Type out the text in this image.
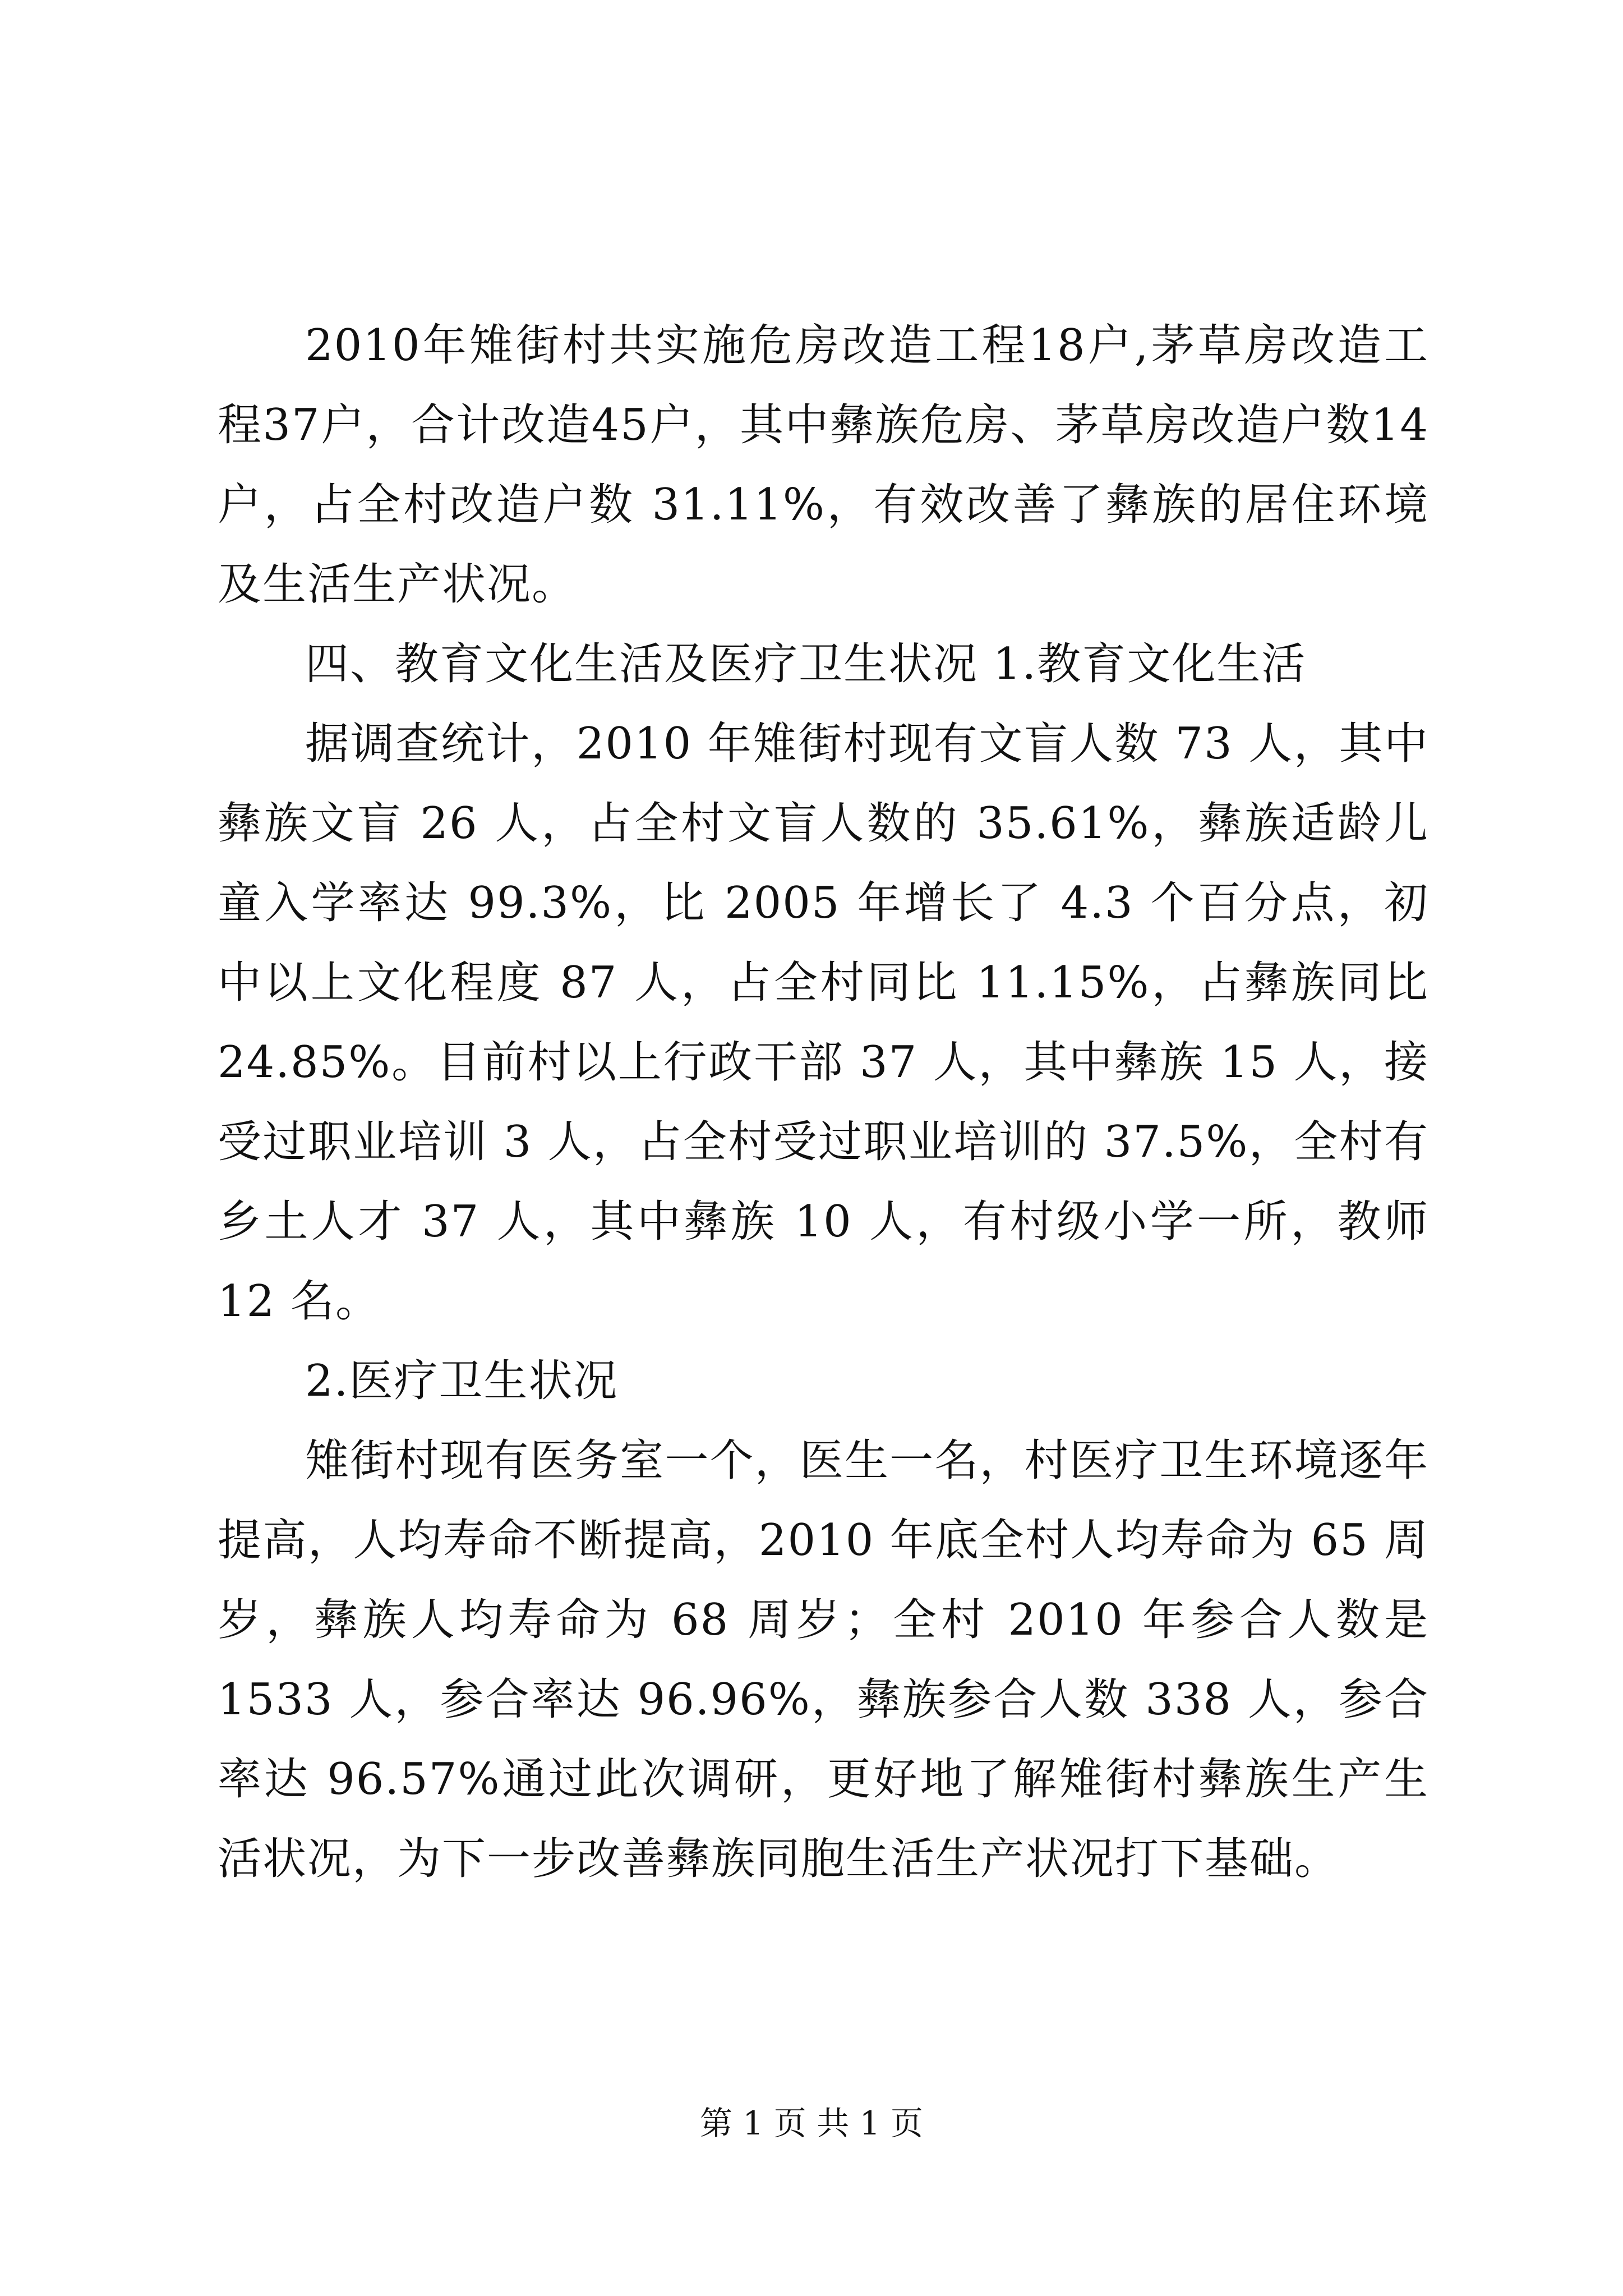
2010年雉街村共实施危房改造工程18户,茅草房改造工程37户，合计改造45户，其中彝族危房、茅草房改造户数14户，占全村改造户数 31.11%，有效改善了彝族的居住环境及生活生产状况。

四、教育文化生活及医疗卫生状况 1.教育文化生活

据调查统计，2010 年雉街村现有文盲人数 73 人，其中彝族文盲 26 人，占全村文盲人数的 35.61%，彝族适龄儿童入学率达 99.3%，比 2005 年增长了 4.3 个百分点，初中以上文化程度 87 人，占全村同比 11.15%，占彝族同比 24.85%。目前村以上行政干部 37 人，其中彝族 15 人，接受过职业培训 3 人，占全村受过职业培训的 37.5%，全村有乡土人才 37 人，其中彝族 10 人，有村级小学一所，教师 12 名。

2.医疗卫生状况

雉街村现有医务室一个，医生一名，村医疗卫生环境逐年提高，人均寿命不断提高，2010 年底全村人均寿命为 65 周岁，彝族人均寿命为 68 周岁；全村 2010 年参合人数是 1533 人，参合率达 96.96%，彝族参合人数 338 人，参合率达 96.57%通过此次调研，更好地了解雉街村彝族生产生活状况，为下一步改善彝族同胞生活生产状况打下基础。

第 1 页 共 1 页
